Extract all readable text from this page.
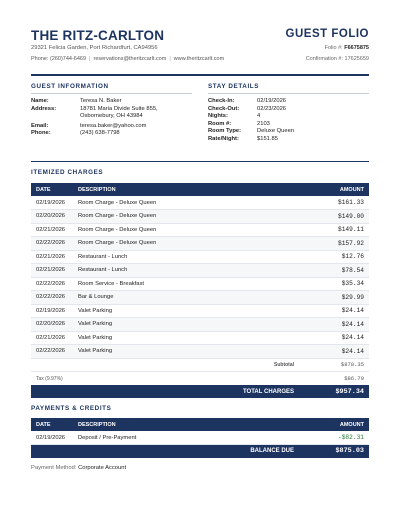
THE RITZ-CARLTON
29321 Felicia Garden, Port Richardfurt, CA94956
Phone: (260)744-6469 | reservations@theritzcarlt.com | www.theritzcarlt.com
GUEST FOLIO
Folio #: F6675875
Confirmation #: 17625659
GUEST INFORMATION
Name:	Teresa N. Baker
Address:	18781 Maria Divide Suite 855,
Osbornebury, OH 43984
Email:	teresa.baker@yahoo.com
Phone:	(243) 638-7798
STAY DETAILS
Check-In:	02/19/2026
Check-Out:	02/23/2026
Nights:	4
Room #:	2103
Room Type:	Deluxe Queen
Rate/Night:	$151.85
ITEMIZED CHARGES
DATE	DESCRIPTION	AMOUNT
02/19/2026	Room Charge - Deluxe Queen	$161.33
02/20/2026	Room Charge - Deluxe Queen	$149.00
02/21/2026	Room Charge - Deluxe Queen	$149.11
02/22/2026	Room Charge - Deluxe Queen	$157.92
02/21/2026	Restaurant - Lunch	$12.76
02/21/2026	Restaurant - Lunch	$78.54
02/22/2026	Room Service - Breakfast	$35.34
02/22/2026	Bar & Lounge	$29.99
02/19/2026	Valet Parking	$24.14
02/20/2026	Valet Parking	$24.14
02/21/2026	Valet Parking	$24.14
02/22/2026	Valet Parking	$24.14
	Subtotal	$870.35
Tax (9.97%)		$86.79
	TOTAL CHARGES	$957.34
PAYMENTS & CREDITS
DATE	DESCRIPTION	AMOUNT
02/19/2026	Deposit / Pre-Payment	-$82.31
	BALANCE DUE	$875.03
Payment Method: Corporate Account
